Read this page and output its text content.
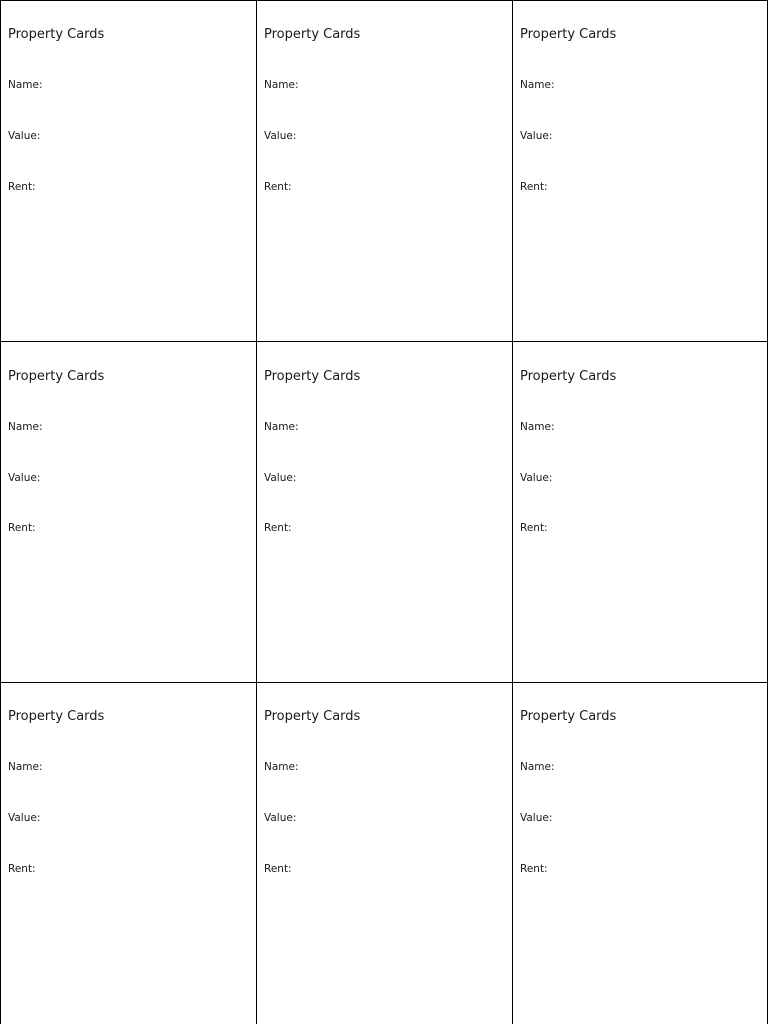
Property Cards
Name:
Value:
Rent:
Property Cards
Name:
Value:
Rent:
Property Cards
Name:
Value:
Rent:
Property Cards
Name:
Value:
Rent:
Property Cards
Name:
Value:
Rent:
Property Cards
Name:
Value:
Rent:
Property Cards
Name:
Value:
Rent:
Property Cards
Name:
Value:
Rent:
Property Cards
Name:
Value:
Rent:
